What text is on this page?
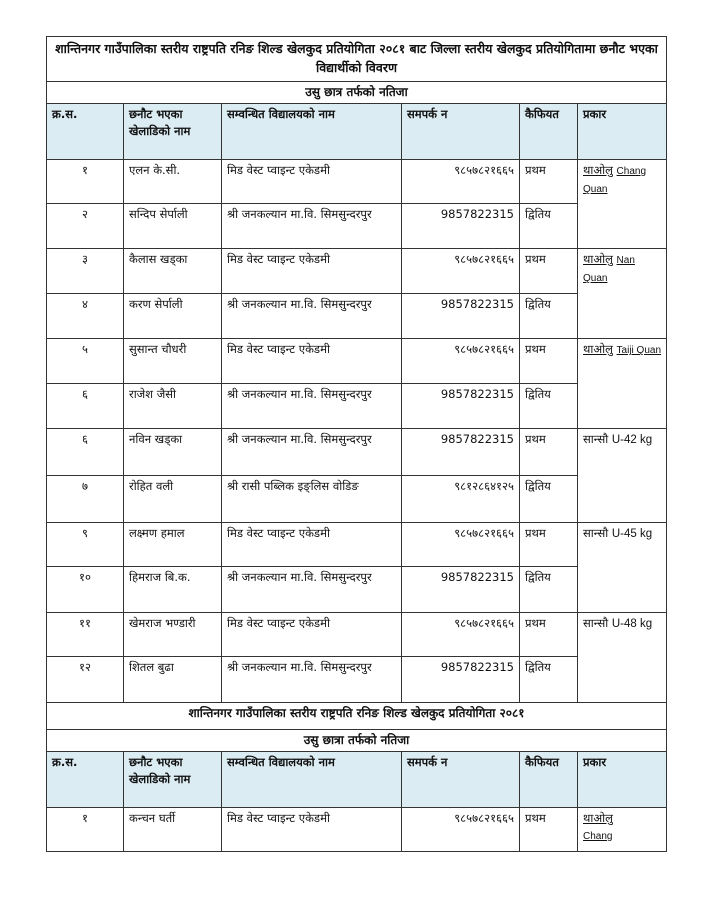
शान्तिनगर गाउँपालिका स्तरीय राष्ट्रपति रनिङ शिल्ड खेलकुद प्रतियोगिता २०८१ बाट जिल्ला स्तरीय खेलकुद प्रतियोगितामा छनौट भएका विद्यार्थीको विवरण					
उसु छात्र तर्फको नतिजा					
क्र.स.	छनौट भएका खेलाडिको नाम	सम्वन्धित विद्यालयको नाम	समपर्क न	कैफियत	प्रकार
१	एलन के.सी.	मिड वेस्ट प्वाइन्ट एकेडमी	९८५७८२१६६५	प्रथम	थाओलु Chang Quan
२	सन्दिप सेर्पाली	श्री जनकल्यान मा.वि. सिमसुन्दरपुर	9857822315	द्वितिय	
३	कैलास खड्का	मिड वेस्ट प्वाइन्ट एकेडमी	९८५७८२१६६५	प्रथम	थाओलु Nan Quan
४	करण सेर्पाली	श्री जनकल्यान मा.वि. सिमसुन्दरपुर	9857822315	द्वितिय	
५	सुसान्त चौधरी	मिड वेस्ट प्वाइन्ट एकेडमी	९८५७८२१६६५	प्रथम	थाओलु Taiji Quan
६	राजेश जैसी	श्री जनकल्यान मा.वि. सिमसुन्दरपुर	9857822315	द्वितिय	
६	नविन खड्का	श्री जनकल्यान मा.वि. सिमसुन्दरपुर	9857822315	प्रथम	सान्सौ U-42 kg
७	रोहित वली	श्री रासी पब्लिक इङ्लिस वोडिङ	९८१२८६४१२५	द्वितिय	
९	लक्ष्मण हमाल	मिड वेस्ट प्वाइन्ट एकेडमी	९८५७८२१६६५	प्रथम	सान्सौ U-45 kg
१०	हिमराज बि.क.	श्री जनकल्यान मा.वि. सिमसुन्दरपुर	9857822315	द्वितिय	
११	खेमराज भण्डारी	मिड वेस्ट प्वाइन्ट एकेडमी	९८५७८२१६६५	प्रथम	सान्सौ U-48 kg
१२	शितल बुढा	श्री जनकल्यान मा.वि. सिमसुन्दरपुर	9857822315	द्वितिय	
शान्तिनगर गाउँपालिका स्तरीय राष्ट्रपति रनिङ शिल्ड खेलकुद प्रतियोगिता २०८१					
उसु छात्रा तर्फको नतिजा					
क्र.स.	छनौट भएका खेलाडिको नाम	सम्वन्धित विद्यालयको नाम	समपर्क न	कैफियत	प्रकार
१	कन्चन घर्ती	मिड वेस्ट प्वाइन्ट एकेडमी	९८५७८२१६६५	प्रथम	थाओलु
Chang
